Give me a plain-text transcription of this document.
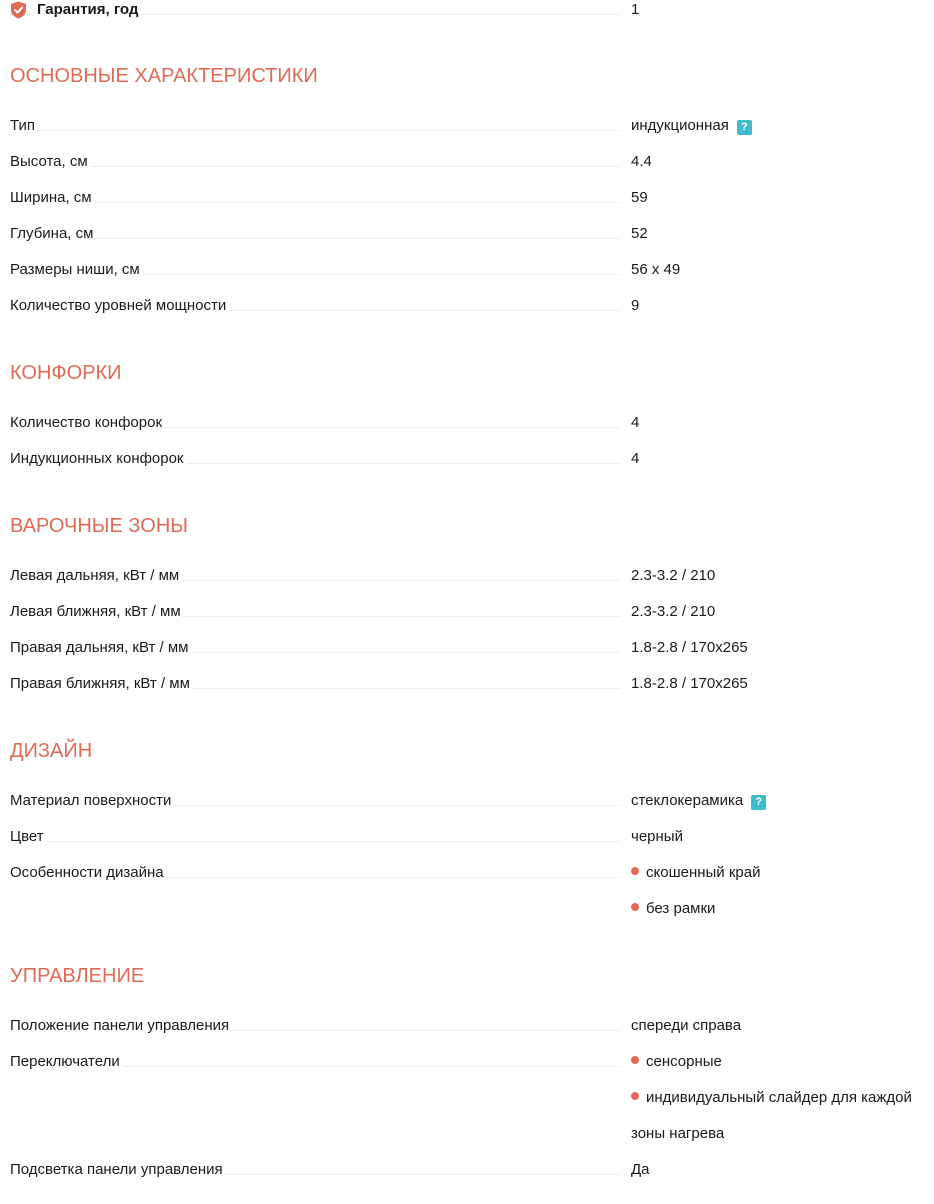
Гарантия, год	1
ОСНОВНЫЕ ХАРАКТЕРИСТИКИ
Тип	индукционная ?
Высота, см	4.4
Ширина, см	59
Глубина, см	52
Размеры ниши, см	56 x 49
Количество уровней мощности	9
КОНФОРКИ
Количество конфорок	4
Индукционных конфорок	4
ВАРОЧНЫЕ ЗОНЫ
Левая дальняя, кВт / мм	2.3-3.2 / 210
Левая ближняя, кВт / мм	2.3-3.2 / 210
Правая дальняя, кВт / мм	1.8-2.8 / 170x265
Правая ближняя, кВт / мм	1.8-2.8 / 170x265
ДИЗАЙН
Материал поверхности	стеклокерамика ?
Цвет	черный
Особенности дизайна	скошенный край
без рамки
УПРАВЛЕНИЕ
Положение панели управления	спереди справа
Переключатели	сенсорные
индивидуальный слайдер для каждой
зоны нагрева
Подсветка панели управления	Да
